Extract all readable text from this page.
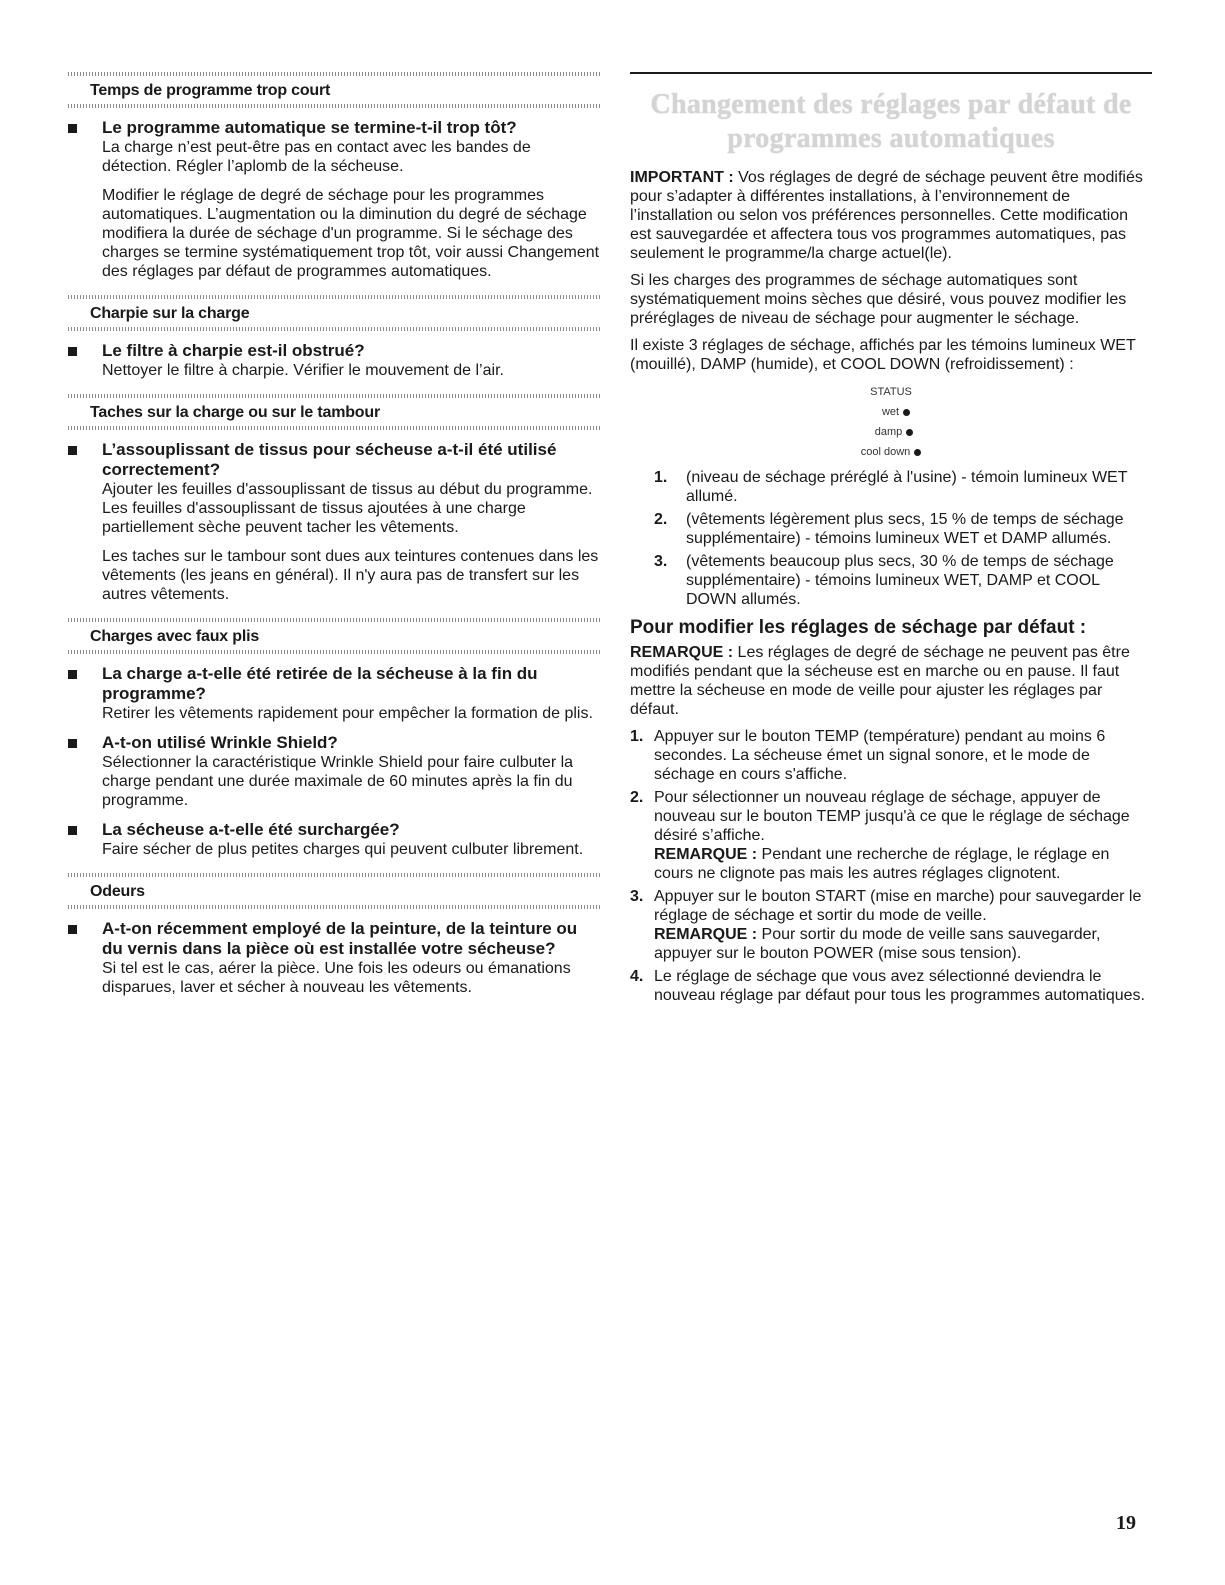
Temps de programme trop court
Le programme automatique se termine-t-il trop tôt?

La charge n’est peut-être pas en contact avec les bandes de détection. Régler l’aplomb de la sécheuse.

Modifier le réglage de degré de séchage pour les programmes automatiques. L’augmentation ou la diminution du degré de séchage modifiera la durée de séchage d'un programme. Si le séchage des charges se termine systématiquement trop tôt, voir aussi Changement des réglages par défaut de programmes automatiques.

Charpie sur la charge
Le filtre à charpie est-il obstrué?

Nettoyer le filtre à charpie. Vérifier le mouvement de l’air.

Taches sur la charge ou sur le tambour
L’assouplissant de tissus pour sécheuse a-t-il été utilisé correctement?

Ajouter les feuilles d'assouplissant de tissus au début du programme. Les feuilles d'assouplissant de tissus ajoutées à une charge partiellement sèche peuvent tacher les vêtements.

Les taches sur le tambour sont dues aux teintures contenues dans les vêtements (les jeans en général). Il n'y aura pas de transfert sur les autres vêtements.

Charges avec faux plis
La charge a-t-elle été retirée de la sécheuse à la fin du programme?

Retirer les vêtements rapidement pour empêcher la formation de plis.

A-t-on utilisé Wrinkle Shield?

Sélectionner la caractéristique Wrinkle Shield pour faire culbuter la charge pendant une durée maximale de 60 minutes après la fin du programme.

La sécheuse a-t-elle été surchargée?

Faire sécher de plus petites charges qui peuvent culbuter librement.

Odeurs
A-t-on récemment employé de la peinture, de la teinture ou du vernis dans la pièce où est installée votre sécheuse?

Si tel est le cas, aérer la pièce. Une fois les odeurs ou émanations disparues, laver et sécher à nouveau les vêtements.

Changement des réglages par défaut de programmes automatiques

IMPORTANT : Vos réglages de degré de séchage peuvent être modifiés pour s’adapter à différentes installations, à l’environnement de l’installation ou selon vos préférences personnelles. Cette modification est sauvegardée et affectera tous vos programmes automatiques, pas seulement le programme/la charge actuel(le).

Si les charges des programmes de séchage automatiques sont systématiquement moins sèches que désiré, vous pouvez modifier les préréglages de niveau de séchage pour augmenter le séchage.

Il existe 3 réglages de séchage, affichés par les témoins lumineux WET (mouillé), DAMP (humide), et COOL DOWN (refroidissement) :

STATUS
wet
damp
cool down
1. (niveau de séchage préréglé à l'usine) - témoin lumineux WET allumé.
2. (vêtements légèrement plus secs, 15 % de temps de séchage supplémentaire) - témoins lumineux WET et DAMP allumés.
3. (vêtements beaucoup plus secs, 30 % de temps de séchage supplémentaire) - témoins lumineux WET, DAMP et COOL DOWN allumés.
Pour modifier les réglages de séchage par défaut :

REMARQUE : Les réglages de degré de séchage ne peuvent pas être modifiés pendant que la sécheuse est en marche ou en pause. Il faut mettre la sécheuse en mode de veille pour ajuster les réglages par défaut.

1. Appuyer sur le bouton TEMP (température) pendant au moins 6 secondes. La sécheuse émet un signal sonore, et le mode de séchage en cours s'affiche.
2. Pour sélectionner un nouveau réglage de séchage, appuyer de nouveau sur le bouton TEMP jusqu'à ce que le réglage de séchage désiré s’affiche.
REMARQUE : Pendant une recherche de réglage, le réglage en cours ne clignote pas mais les autres réglages clignotent.
3. Appuyer sur le bouton START (mise en marche) pour sauvegarder le réglage de séchage et sortir du mode de veille.
REMARQUE : Pour sortir du mode de veille sans sauvegarder, appuyer sur le bouton POWER (mise sous tension).
4. Le réglage de séchage que vous avez sélectionné deviendra le nouveau réglage par défaut pour tous les programmes automatiques.
19
